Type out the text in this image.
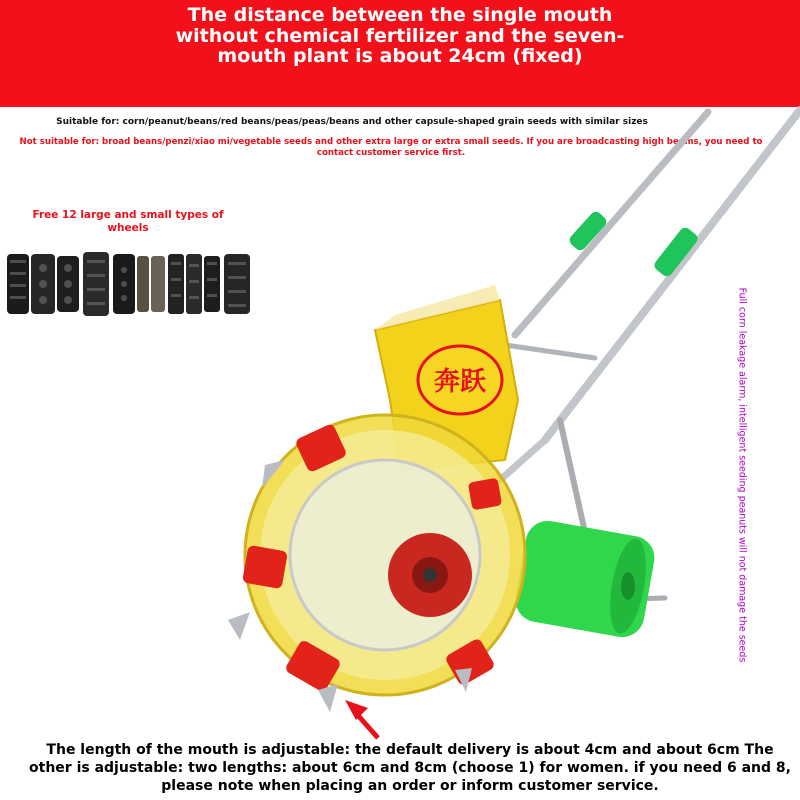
The distance between the single mouth without chemical fertilizer and the seven-mouth plant is about 24cm (fixed)
Suitable for: corn/peanut/beans/red beans/peas/peas/beans and other capsule-shaped grain seeds with similar sizes
Not suitable for: broad beans/penzi/xiao mi/vegetable seeds and other extra large or extra small seeds. If you are broadcasting high beams, you need to contact customer service first.
Free 12 large and small types of wheels
奔跃	Full corn leakage alarm, intelligent seeding peanuts will not damage the seeds
The length of the mouth is adjustable: the default delivery is about 4cm and about 6cm The other is adjustable: two lengths: about 6cm and 8cm (choose 1) for women. if you need 6 and 8, please note when placing an order or inform customer service.
